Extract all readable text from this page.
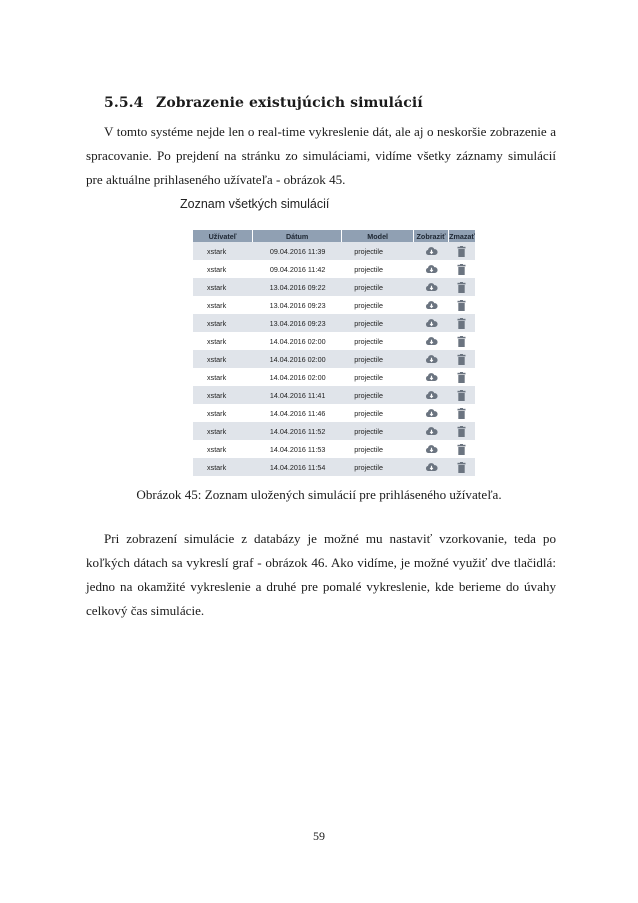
5.5.4 Zobrazenie existujúcich simulácií

V tomto systéme nejde len o real-time vykreslenie dát, ale aj o neskoršie zobrazenie a spracovanie. Po prejdení na stránku zo simuláciami, vidíme všetky záznamy simulácií pre aktuálne prihlaseného užívateľa - obrázok 45.

Zoznam všetkých simulácií
Užívateľ	Dátum	Model	Zobraziť	Zmazať
xstark	09.04.2016 11:39	projectile		
xstark	09.04.2016 11:42	projectile		
xstark	13.04.2016 09:22	projectile		
xstark	13.04.2016 09:23	projectile		
xstark	13.04.2016 09:23	projectile		
xstark	14.04.2016 02:00	projectile		
xstark	14.04.2016 02:00	projectile		
xstark	14.04.2016 02:00	projectile		
xstark	14.04.2016 11:41	projectile		
xstark	14.04.2016 11:46	projectile		
xstark	14.04.2016 11:52	projectile		
xstark	14.04.2016 11:53	projectile		
xstark	14.04.2016 11:54	projectile		
Obrázok 45: Zoznam uložených simulácií pre prihláseného užívateľa.

Pri zobrazení simulácie z databázy je možné mu nastaviť vzorkovanie, teda po koľkých dátach sa vykreslí graf - obrázok 46. Ako vidíme, je možné využiť dve tlačidlá: jedno na okamžité vykreslenie a druhé pre pomalé vykreslenie, kde berieme do úvahy celkový čas simulácie.

59
